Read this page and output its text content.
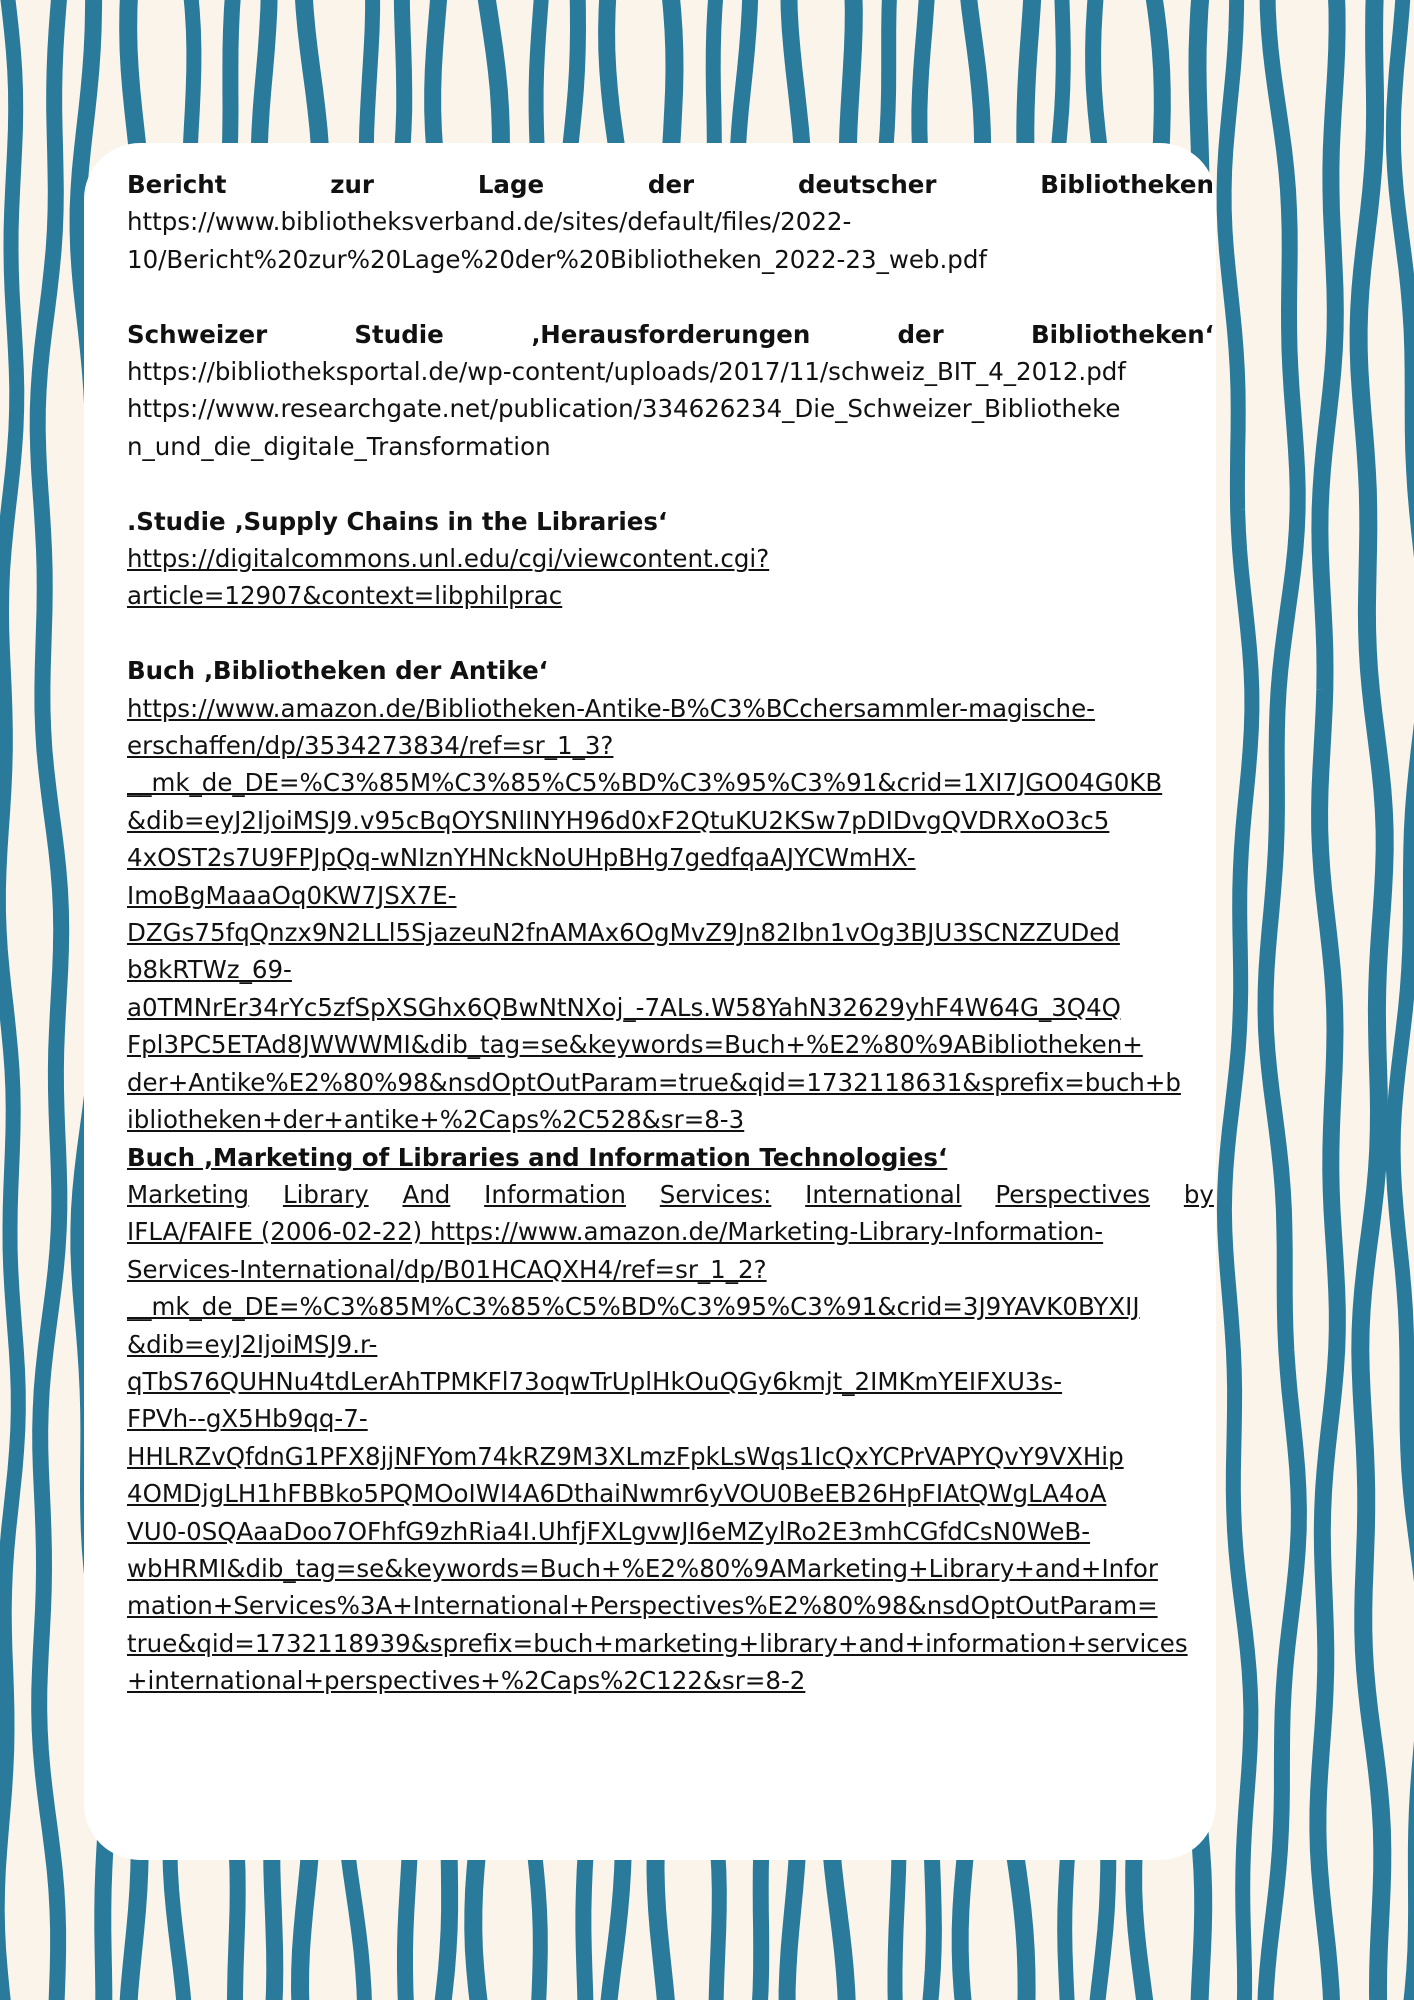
Bericht	zur	Lage	der	deutscher	Bibliotheken

https://www.bibliotheksverband.de/sites/default/files/2022-

10/Bericht%20zur%20Lage%20der%20Bibliotheken_2022-23_web.pdf

Schweizer	Studie	‚Herausforderungen	der	Bibliotheken‘

https://bibliotheksportal.de/wp-content/uploads/2017/11/schweiz_BIT_4_2012.pdf

https://www.researchgate.net/publication/334626234_Die_Schweizer_Bibliotheke

n_und_die_digitale_Transformation

.Studie ‚Supply Chains in the Libraries‘

https://digitalcommons.unl.edu/cgi/viewcontent.cgi?

article=12907&context=libphilprac

Buch ‚Bibliotheken der Antike‘

https://www.amazon.de/Bibliotheken-Antike-B%C3%BCchersammler-magische-

erschaffen/dp/3534273834/ref=sr_1_3?

__mk_de_DE=%C3%85M%C3%85%C5%BD%C3%95%C3%91&crid=1XI7JGO04G0KB

&dib=eyJ2IjoiMSJ9.v95cBqOYSNlINYH96d0xF2QtuKU2KSw7pDIDvgQVDRXoO3c5

4xOST2s7U9FPJpQq-wNIznYHNckNoUHpBHg7gedfqaAJYCWmHX-

ImoBgMaaaOq0KW7JSX7E-

DZGs75fqQnzx9N2LLl5SjazeuN2fnAMAx6OgMvZ9Jn82Ibn1vOg3BJU3SCNZZUDed

b8kRTWz_69-

a0TMNrEr34rYc5zfSpXSGhx6QBwNtNXoj_-7ALs.W58YahN32629yhF4W64G_3Q4Q

Fpl3PC5ETAd8JWWWMI&dib_tag=se&keywords=Buch+%E2%80%9ABibliotheken+

der+Antike%E2%80%98&nsdOptOutParam=true&qid=1732118631&sprefix=buch+b

ibliotheken+der+antike+%2Caps%2C528&sr=8-3

Buch ‚Marketing of Libraries and Information Technologies‘

Marketing Library And Information Services: International Perspectives by

IFLA/FAIFE (2006-02-22) https://www.amazon.de/Marketing-Library-Information-

Services-International/dp/B01HCAQXH4/ref=sr_1_2?

__mk_de_DE=%C3%85M%C3%85%C5%BD%C3%95%C3%91&crid=3J9YAVK0BYXIJ

&dib=eyJ2IjoiMSJ9.r-

qTbS76QUHNu4tdLerAhTPMKFl73oqwTrUplHkOuQGy6kmjt_2IMKmYEIFXU3s-

FPVh--gX5Hb9qq-7-

HHLRZvQfdnG1PFX8jjNFYom74kRZ9M3XLmzFpkLsWqs1IcQxYCPrVAPYQvY9VXHip

4OMDjgLH1hFBBko5PQMOoIWI4A6DthaiNwmr6yVOU0BeEB26HpFIAtQWgLA4oA

VU0-0SQAaaDoo7OFhfG9zhRia4I.UhfjFXLgvwJI6eMZylRo2E3mhCGfdCsN0WeB-

wbHRMI&dib_tag=se&keywords=Buch+%E2%80%9AMarketing+Library+and+Infor

mation+Services%3A+International+Perspectives%E2%80%98&nsdOptOutParam=

true&qid=1732118939&sprefix=buch+marketing+library+and+information+services

+international+perspectives+%2Caps%2C122&sr=8-2
